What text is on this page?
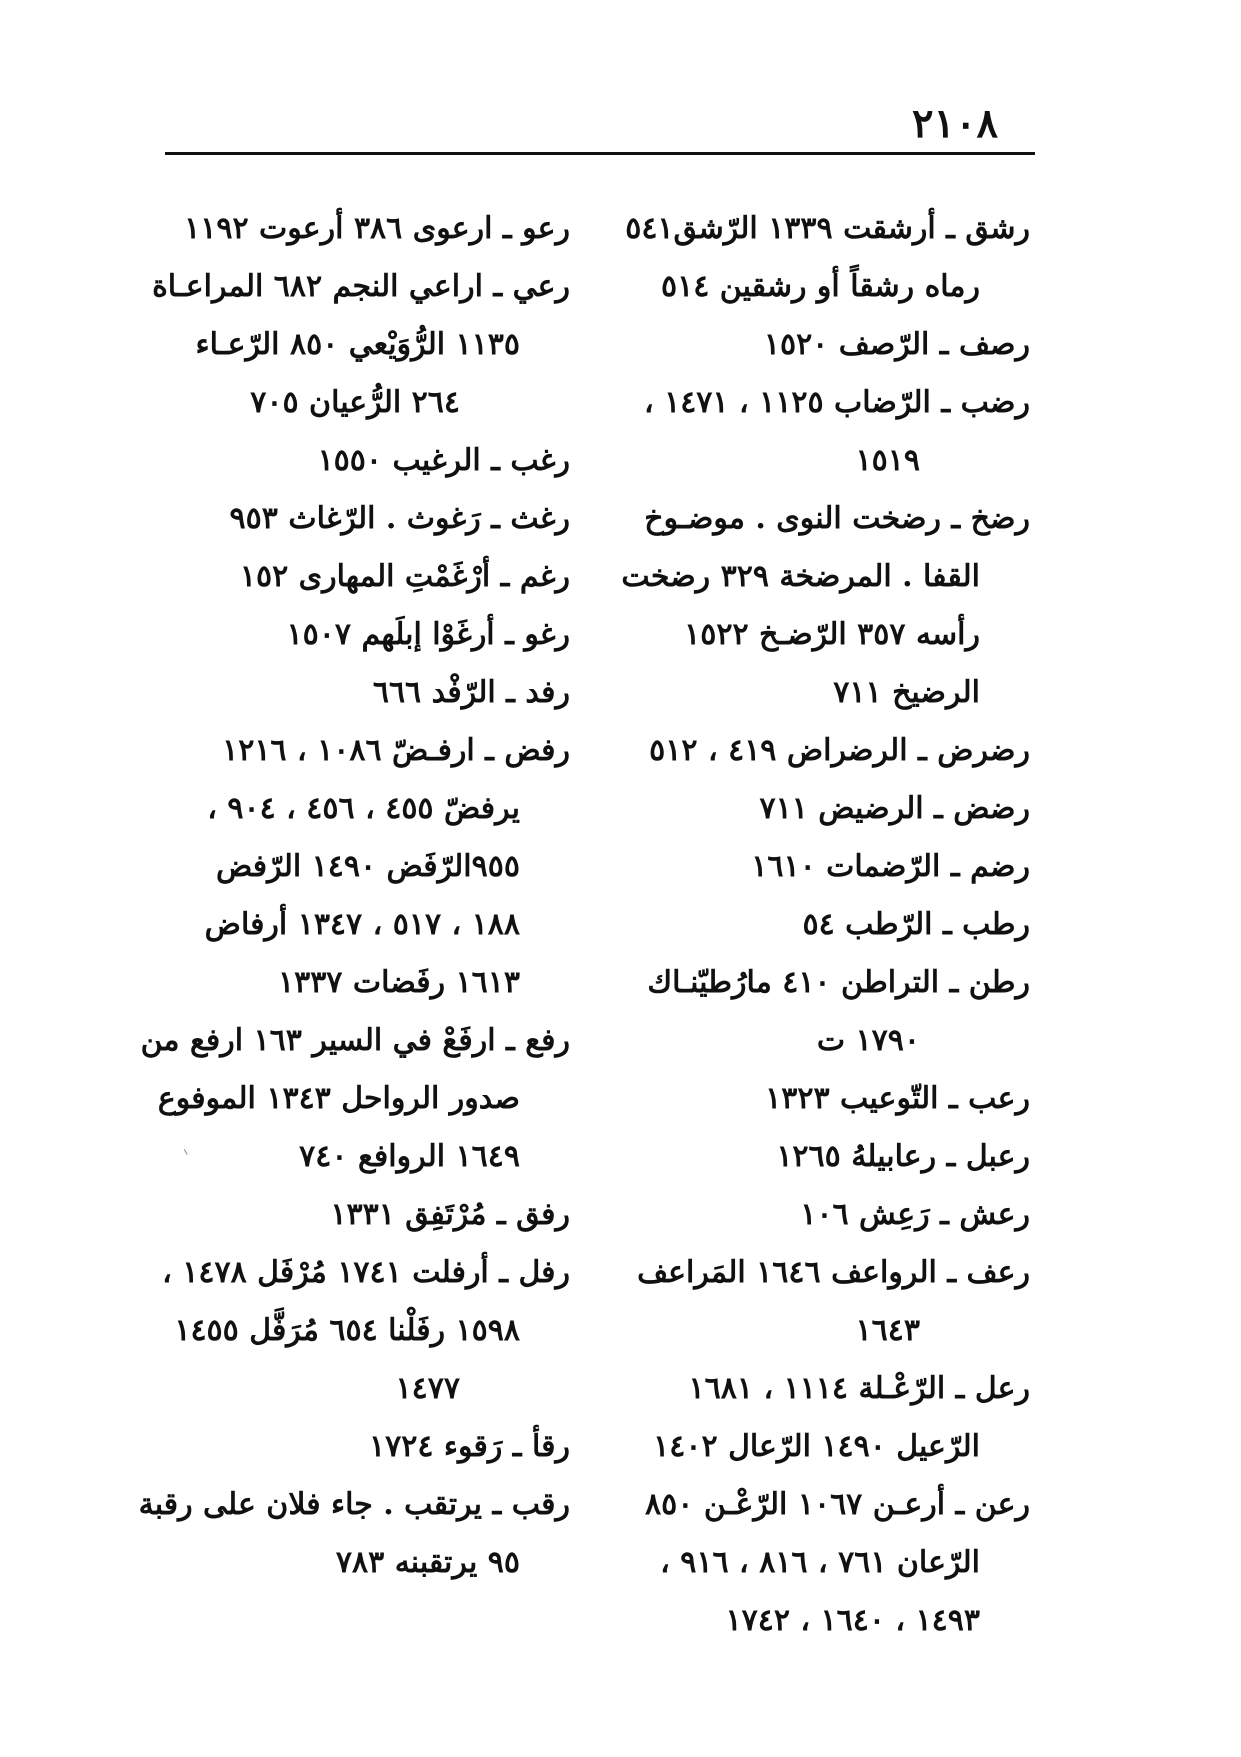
٢١٠٨
رشق ـ أرشقت ١٣٣٩ الرّشق٥٤١
رماه رشقاً أو رشقين ٥١٤
رصف ـ الرّصف ١٥٢٠
رضب ـ الرّضاب ١١٢٥ ، ١٤٧١ ،
١٥١٩
رضخ ـ رضخت النوى . موضـوخ
القفا . المرضخة ٣٢٩ رضخت
رأسه ٣٥٧ الرّضـخ ١٥٢٢
الرضيخ ٧١١
رضرض ـ الرضراض ٤١٩ ، ٥١٢
رضض ـ الرضيض ٧١١
رضم ـ الرّضمات ١٦١٠
رطب ـ الرّطب ٥٤
رطن ـ التراطن ٤١٠ مارُطيّنـاك
١٧٩٠ ت
رعب ـ التّوعيب ١٣٢٣
رعبل ـ رعابيلهُ ١٢٦٥
رعش ـ رَعِش ١٠٦
رعف ـ الرواعف ١٦٤٦ المَراعف
١٦٤٣
رعل ـ الرّعْـلة ١١١٤ ، ١٦٨١
الرّعيل ١٤٩٠ الرّعال ١٤٠٢
رعن ـ أرعـن ١٠٦٧ الرّعْـن ٨٥٠
الرّعان ٧٦١ ، ٨١٦ ، ٩١٦ ،
١٤٩٣ ، ١٦٤٠ ، ١٧٤٢
رعو ـ ارعوى ٣٨٦ أرعوت ١١٩٢
رعي ـ اراعي النجم ٦٨٢ المراعـاة
١١٣٥ الرُّوَيْعي ٨٥٠ الرّعـاء
٢٦٤ الرُّعيان ٧٠٥
رغب ـ الرغيب ١٥٥٠
رغث ـ رَغوث . الرّغاث ٩٥٣
رغم ـ أرْغَمْتِ المهارى ١٥٢
رغو ـ أرغَوْا إبلَهم ١٥٠٧
رفد ـ الرّفْد ٦٦٦
رفض ـ ارفـضّ ١٠٨٦ ، ١٢١٦
يرفضّ ٤٥٥ ، ٤٥٦ ، ٩٠٤ ،
٩٥٥الرّفَض ١٤٩٠ الرّفض
١٨٨ ، ٥١٧ ، ١٣٤٧ أرفاض
١٦١٣ رفَضات ١٣٣٧
رفع ـ ارفَعْ في السير ١٦٣ ارفع من
صدور الرواحل ١٣٤٣ الموفوع
١٦٤٩ الروافع ٧٤٠
رفق ـ مُرْتَفِق ١٣٣١
رفل ـ أرفلت ١٧٤١ مُرْفَل ١٤٧٨ ،
١٥٩٨ رفَلْنا ٦٥٤ مُرَفَّل ١٤٥٥
١٤٧٧
رقأ ـ رَقوء ١٧٢٤
رقب ـ يرتقب . جاء فلان على رقبة
٩٥ يرتقبنه ٧٨٣
